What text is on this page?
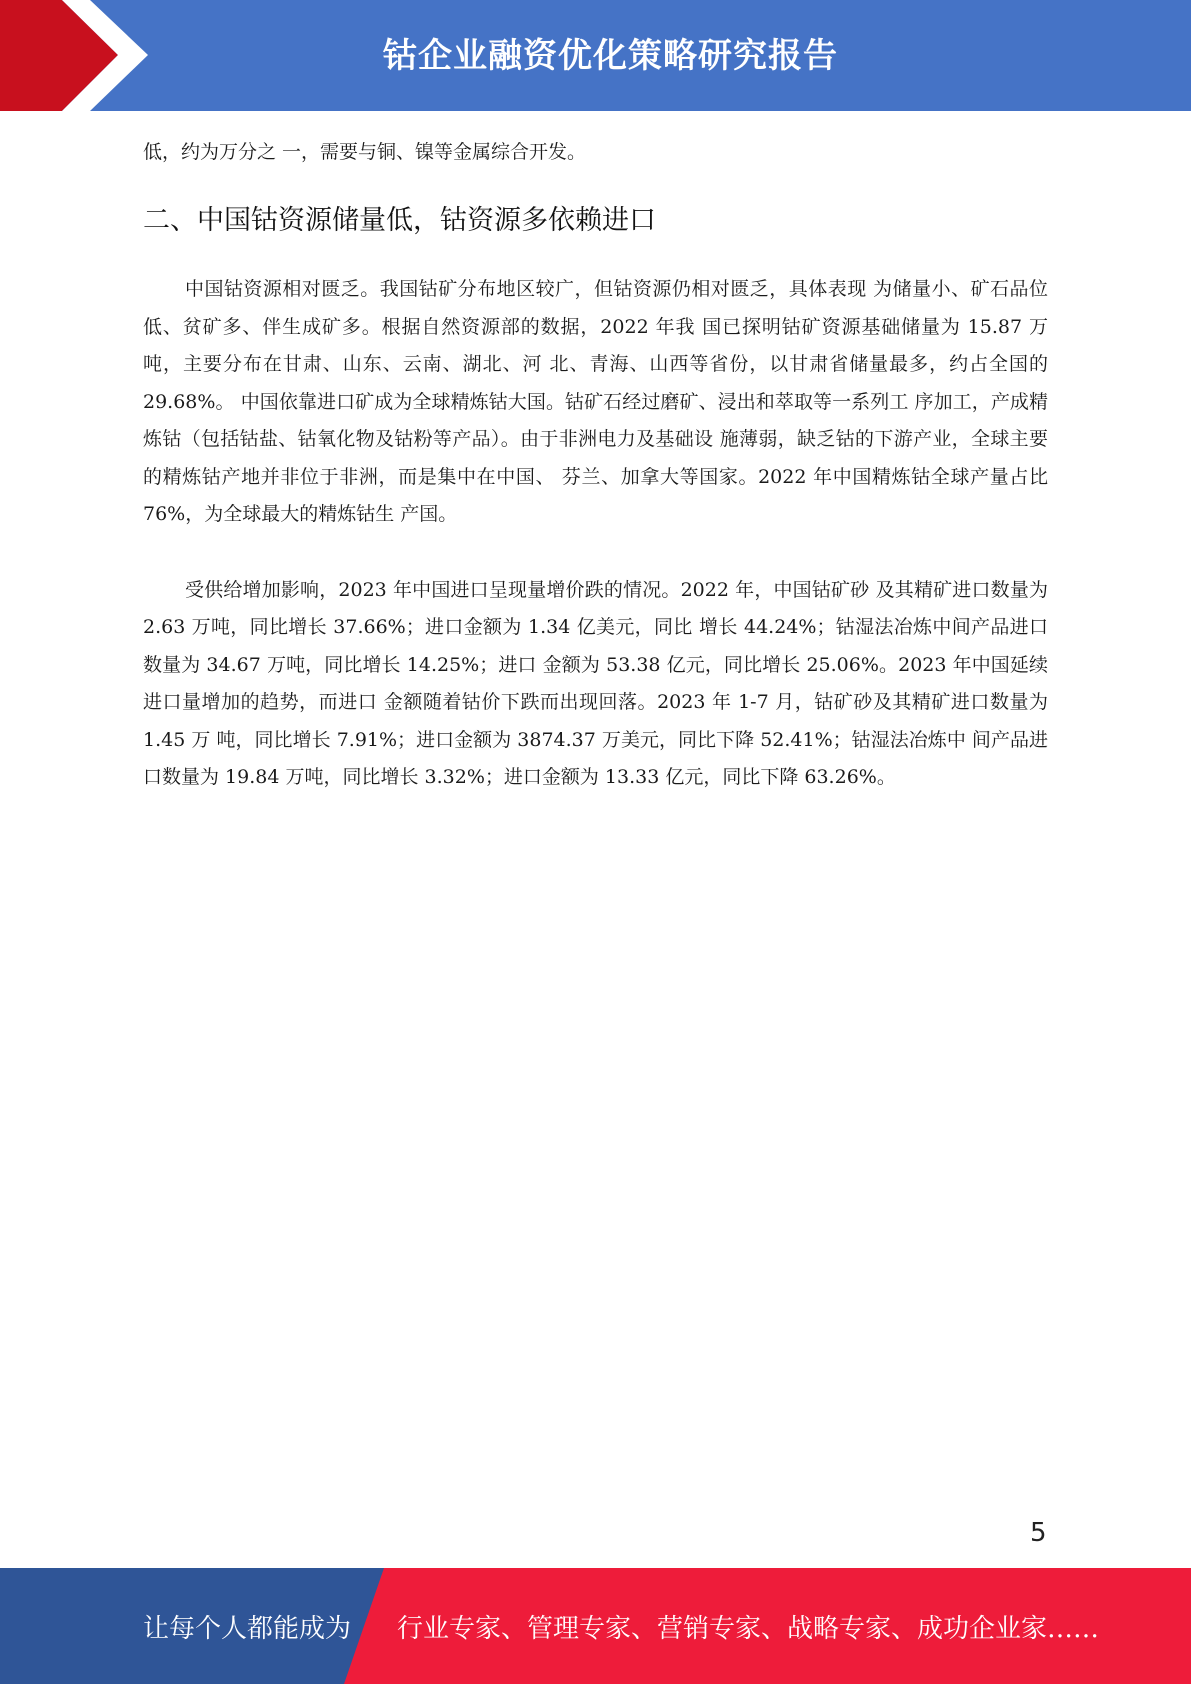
钴企业融资优化策略研究报告

低，约为万分之 一，需要与铜、镍等金属综合开发。

二、中国钴资源储量低，钴资源多依赖进口

中国钴资源相对匮乏。我国钴矿分布地区较广，但钴资源仍相对匮乏，具体表现 为储量小、矿石品位低、贫矿多、伴生成矿多。根据自然资源部的数据，2022 年我 国已探明钴矿资源基础储量为 15.87 万吨，主要分布在甘肃、山东、云南、湖北、河 北、青海、山西等省份，以甘肃省储量最多，约占全国的 29.68%。 中国依靠进口矿成为全球精炼钴大国。钴矿石经过磨矿、浸出和萃取等一系列工 序加工，产成精炼钴（包括钴盐、钴氧化物及钴粉等产品）。由于非洲电力及基础设 施薄弱，缺乏钴的下游产业，全球主要的精炼钴产地并非位于非洲，而是集中在中国、 芬兰、加拿大等国家。2022 年中国精炼钴全球产量占比 76%，为全球最大的精炼钴生 产国。

受供给增加影响，2023 年中国进口呈现量增价跌的情况。2022 年，中国钴矿砂 及其精矿进口数量为 2.63 万吨，同比增长 37.66%；进口金额为 1.34 亿美元，同比 增长 44.24%；钴湿法冶炼中间产品进口数量为 34.67 万吨，同比增长 14.25%；进口 金额为 53.38 亿元，同比增长 25.06%。2023 年中国延续进口量增加的趋势，而进口 金额随着钴价下跌而出现回落。2023 年 1-7 月，钴矿砂及其精矿进口数量为 1.45 万 吨，同比增长 7.91%；进口金额为 3874.37 万美元，同比下降 52.41%；钴湿法冶炼中 间产品进口数量为 19.84 万吨，同比增长 3.32%；进口金额为 13.33 亿元，同比下降 63.26%。

5
让每个人都能成为 行业专家、管理专家、营销专家、战略专家、成功企业家……
